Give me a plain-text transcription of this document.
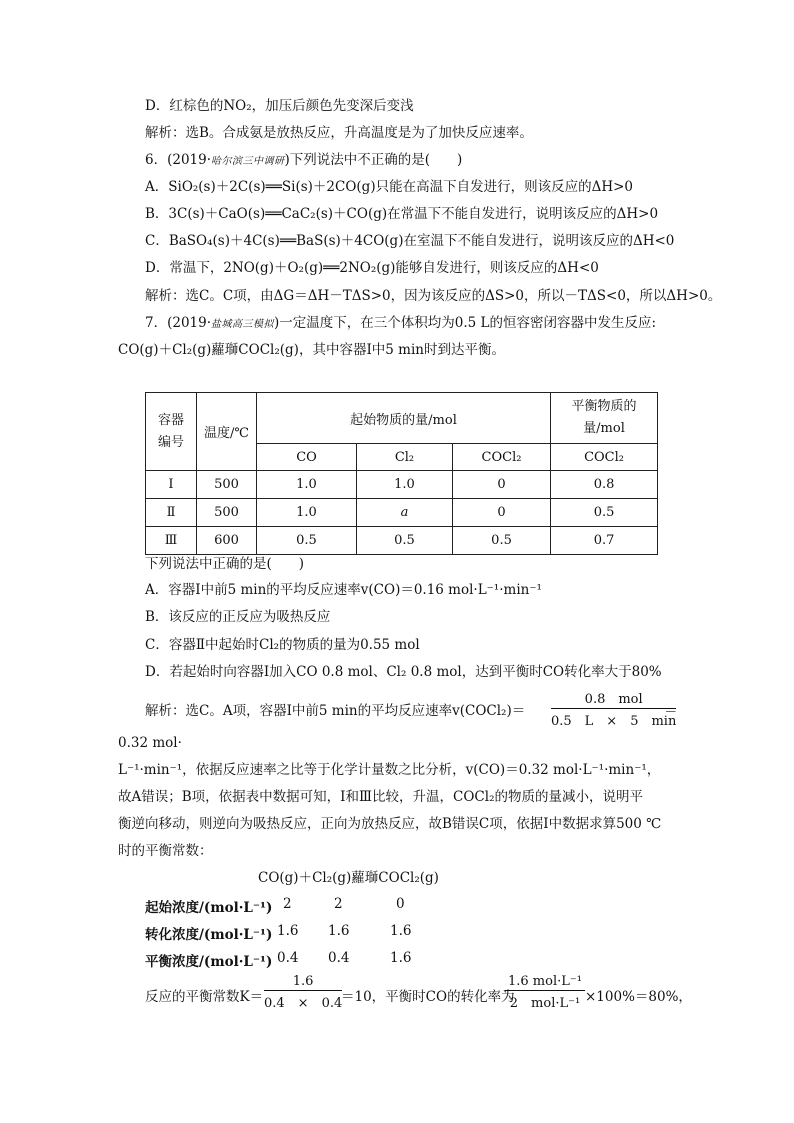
D．红棕色的NO₂，加压后颜色先变深后变浅
解析：选B。合成氨是放热反应，升高温度是为了加快反应速率。
6．(2019·哈尔滨三中调研)下列说法中不正确的是(　　)
A．SiO₂(s)＋2C(s)══Si(s)＋2CO(g)只能在高温下自发进行，则该反应的ΔH>0
B．3C(s)＋CaO(s)══CaC₂(s)＋CO(g)在常温下不能自发进行，说明该反应的ΔH>0
C．BaSO₄(s)＋4C(s)══BaS(s)＋4CO(g)在室温下不能自发进行，说明该反应的ΔH<0
D．常温下，2NO(g)＋O₂(g)══2NO₂(g)能够自发进行，则该反应的ΔH<0
解析：选C。C项，由ΔG＝ΔH－TΔS>0，因为该反应的ΔS>0，所以－TΔS<0，所以ΔH>0。
7．(2019·盐城高三模拟)一定温度下，在三个体积均为0.5 L的恒容密闭容器中发生反应:
CO(g)＋Cl₂(g)蘿瑡COCl₂(g)，其中容器Ⅰ中5 min时到达平衡。
容器编号	温度/℃	起始物质的量/mol			平衡物质的量/mol
		CO	Cl₂	COCl₂	COCl₂
Ⅰ	500	1.0	1.0	0	0.8
Ⅱ	500	1.0	a	0	0.5
Ⅲ	600	0.5	0.5	0.5	0.7
下列说法中正确的是(　　)
A．容器Ⅰ中前5 min的平均反应速率v(CO)＝0.16 mol·L⁻¹·min⁻¹
B．该反应的正反应为吸热反应
C．容器Ⅱ中起始时Cl₂的物质的量为0.55 mol
D．若起始时向容器Ⅰ加入CO 0.8 mol、Cl₂ 0.8 mol，达到平衡时CO转化率大于80%
解析：选C。A项，容器Ⅰ中前5 min的平均反应速率v(COCl₂)＝
0.8　mol
0.5　L　×　5　min
＝
0.32 mol·
L⁻¹·min⁻¹，依据反应速率之比等于化学计量数之比分析，v(CO)＝0.32 mol·L⁻¹·min⁻¹，
故A错误；B项，依据表中数据可知，Ⅰ和Ⅲ比较，升温，COCl₂的物质的量减小，说明平
衡逆向移动，则逆向为吸热反应，正向为放热反应，故B错误C项，依据Ⅰ中数据求算500 ℃
时的平衡常数：
CO(g)＋Cl₂(g)蘿瑡COCl₂(g)
起始浓度/(mol·L⁻¹) 2	2	0
转化浓度/(mol·L⁻¹) 1.6 1.6	1.6
平衡浓度/(mol·L⁻¹) 0.4 0.4	1.6
反应的平衡常数$K= \frac{1.6}{0.4 \times 0.4}$
＝10，平衡时CO的转化率为
1.6 mol·L⁻¹
2　mol·L⁻¹ ×100%＝80%，
